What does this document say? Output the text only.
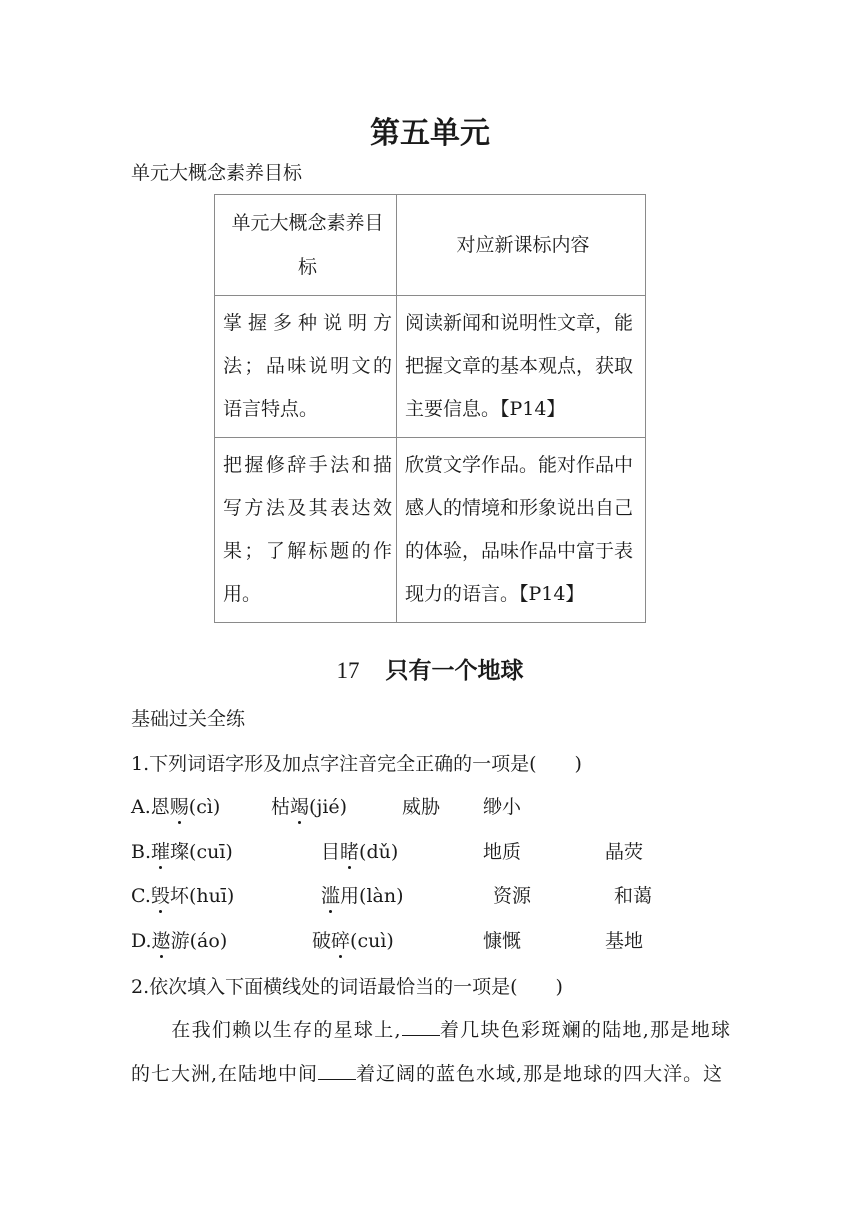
第五单元
单元大概念素养目标
单元大概念素养目标	对应新课标内容
掌握多种说明方法；品味说明文的语言特点。	阅读新闻和说明性文章，能把握文章的基本观点，获取主要信息。【P14】
把握修辞手法和描写方法及其表达效果；了解标题的作用。	欣赏文学作品。能对作品中感人的情境和形象说出自己的体验，品味作品中富于表现力的语言。【P14】
17 只有一个地球
基础过关全练
1.下列词语字形及加点字注音完全正确的一项是(　　)
A.恩赐(cì)	枯竭(jié)	威胁 缈小
B.璀璨(cuī)	目睹(dǔ)	地质	晶荧
C.毁坏(huī)	滥用(làn)	资源	和蔼
D.遨游(áo)	破碎(cuì)	慷慨	基地
2.依次填入下面横线处的词语最恰当的一项是(　　)
在我们赖以生存的星球上, 着几块色彩斑斓的陆地,那是地球的七大洲,在陆地中间 着辽阔的蓝色水域,那是地球的四大洋。这
